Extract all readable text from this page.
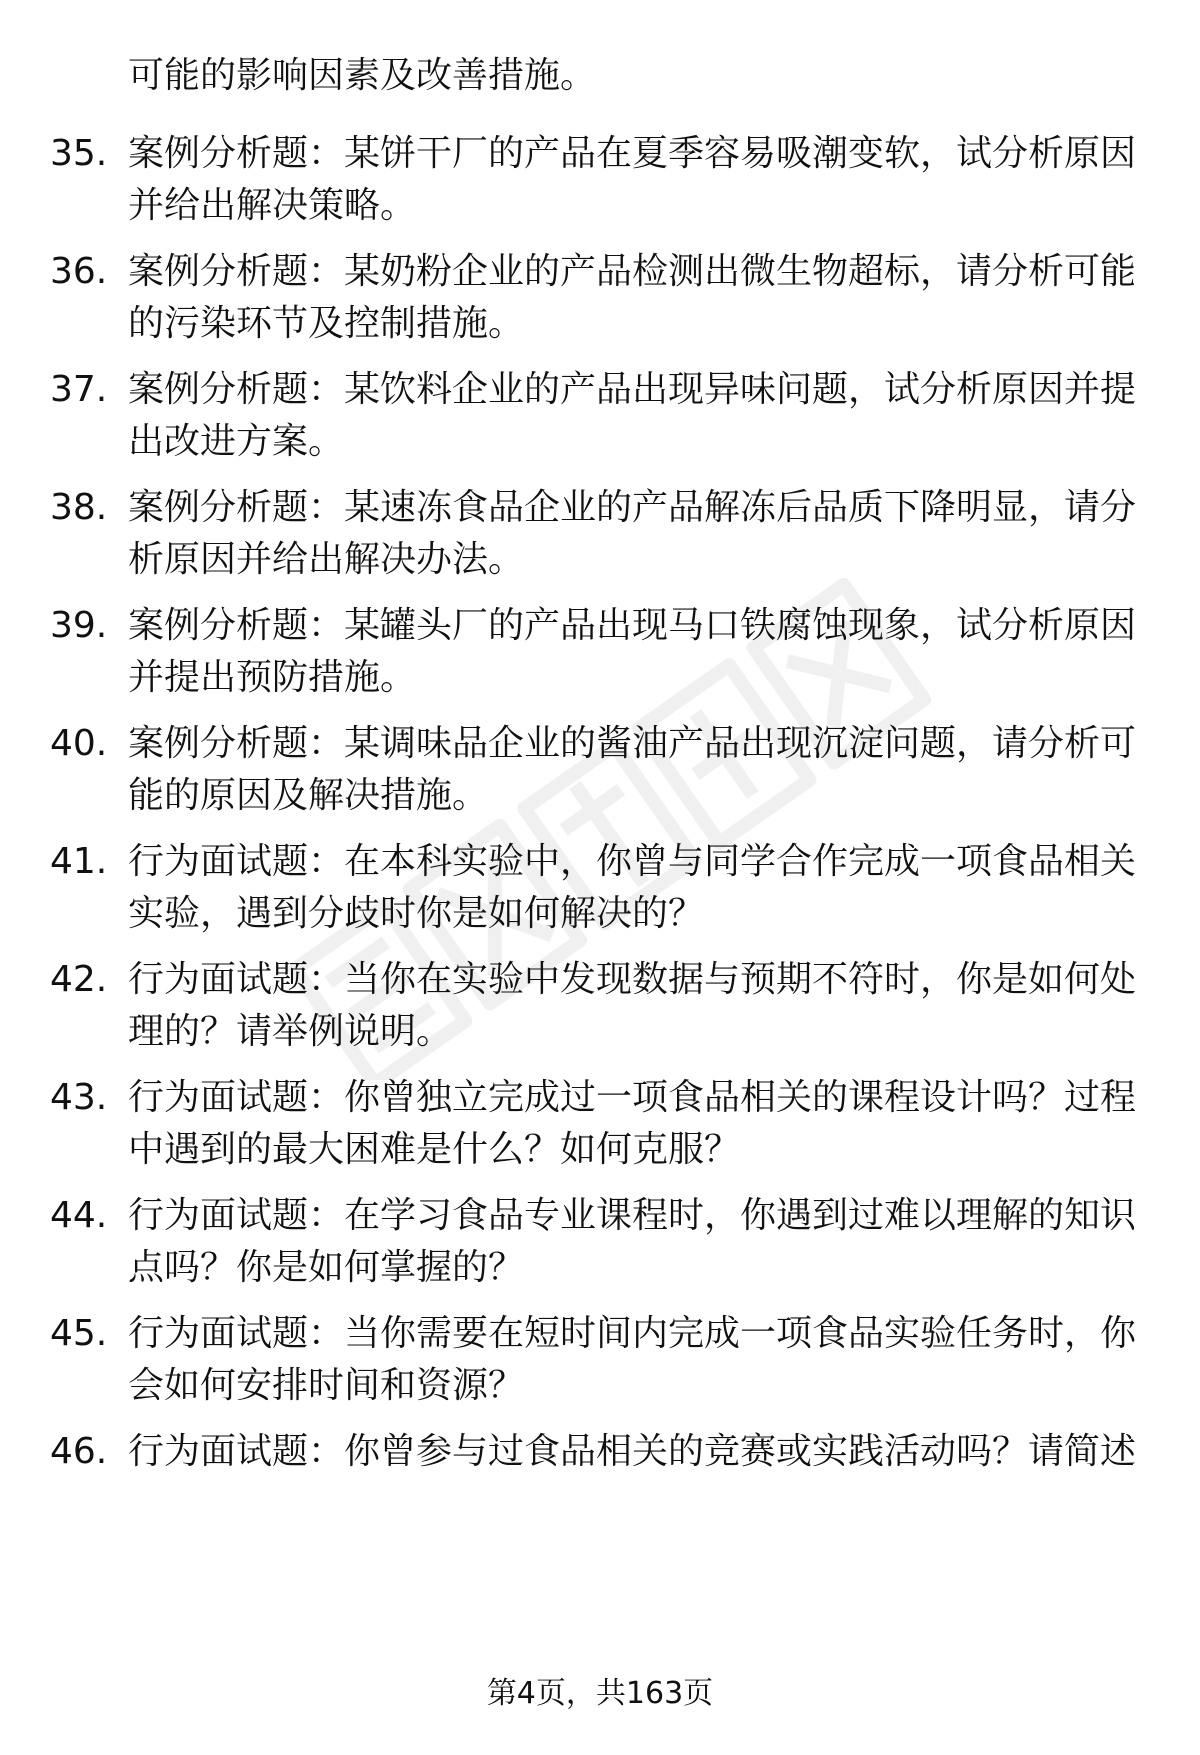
可能的影响因素及改善措施。
35. 案例分析题：某饼干厂的产品在夏季容易吸潮变软，试分析原因
并给出解决策略。
36. 案例分析题：某奶粉企业的产品检测出微生物超标，请分析可能
的污染环节及控制措施。
37. 案例分析题：某饮料企业的产品出现异味问题，试分析原因并提
出改进方案。
38. 案例分析题：某速冻食品企业的产品解冻后品质下降明显，请分
析原因并给出解决办法。
39. 案例分析题：某罐头厂的产品出现马口铁腐蚀现象，试分析原因
并提出预防措施。
40. 案例分析题：某调味品企业的酱油产品出现沉淀问题，请分析可
能的原因及解决措施。
41. 行为面试题：在本科实验中，你曾与同学合作完成一项食品相关
实验，遇到分歧时你是如何解决的？
42. 行为面试题：当你在实验中发现数据与预期不符时，你是如何处
理的？请举例说明。
43. 行为面试题：你曾独立完成过一项食品相关的课程设计吗？过程
中遇到的最大困难是什么？如何克服？
44. 行为面试题：在学习食品专业课程时，你遇到过难以理解的知识
点吗？你是如何掌握的？
45. 行为面试题：当你需要在短时间内完成一项食品实验任务时，你
会如何安排时间和资源？
46. 行为面试题：你曾参与过食品相关的竞赛或实践活动吗？请简述
第4页，共163页
